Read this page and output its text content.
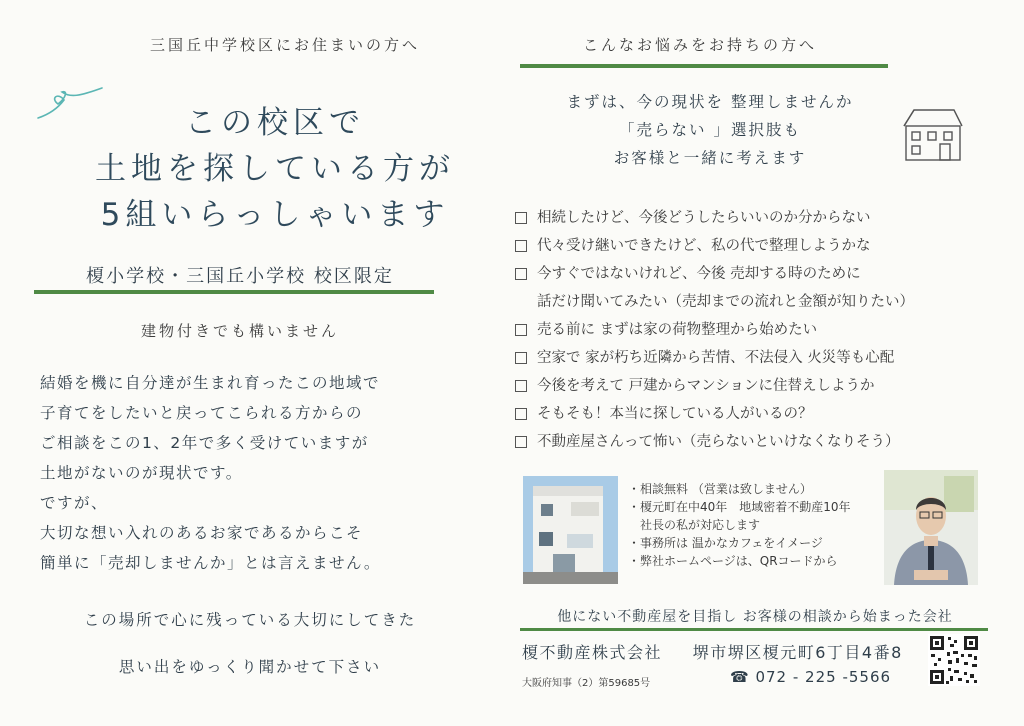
三国丘中学校区にお住まいの方へ
この校区で
土地を探している方が
5組いらっしゃいます
榎小学校・三国丘小学校 校区限定
建物付きでも構いません
結婚を機に自分達が生まれ育ったこの地域で
子育てをしたいと戻ってこられる方からの
ご相談をこの1、2年で多く受けていますが
土地がないのが現状です。
ですが、
大切な想い入れのあるお家であるからこそ
簡単に「売却しませんか」とは言えません。
この場所で心に残っている大切にしてきた
思い出をゆっくり聞かせて下さい
こんなお悩みをお持ちの方へ
まずは、今の現状を 整理しませんか
「売らない 」選択肢も
お客様と一緒に考えます
相続したけど、今後どうしたらいいのか分からない
代々受け継いできたけど、私の代で整理しようかな
今すぐではないけれど、今後 売却する時のために
話だけ聞いてみたい（売却までの流れと金額が知りたい）
売る前に まずは家の荷物整理から始めたい
空家で 家が朽ち近隣から苦情、不法侵入 火災等も心配
今後を考えて 戸建からマンションに住替えしようか
そもそも！本当に探している人がいるの？
不動産屋さんって怖い（売らないといけなくなりそう）
・相談無料 （営業は致しません）
・榎元町在中40年　地域密着不動産10年
　社長の私が対応します
・事務所は 温かなカフェをイメージ
・弊社ホームページは、QRコードから
他にない不動産屋を目指し お客様の相談から始まった会社
榎不動産株式会社 　 堺市堺区榎元町6丁目4番8
大阪府知事（2）第59685号	☎ 072 - 225 -5566
